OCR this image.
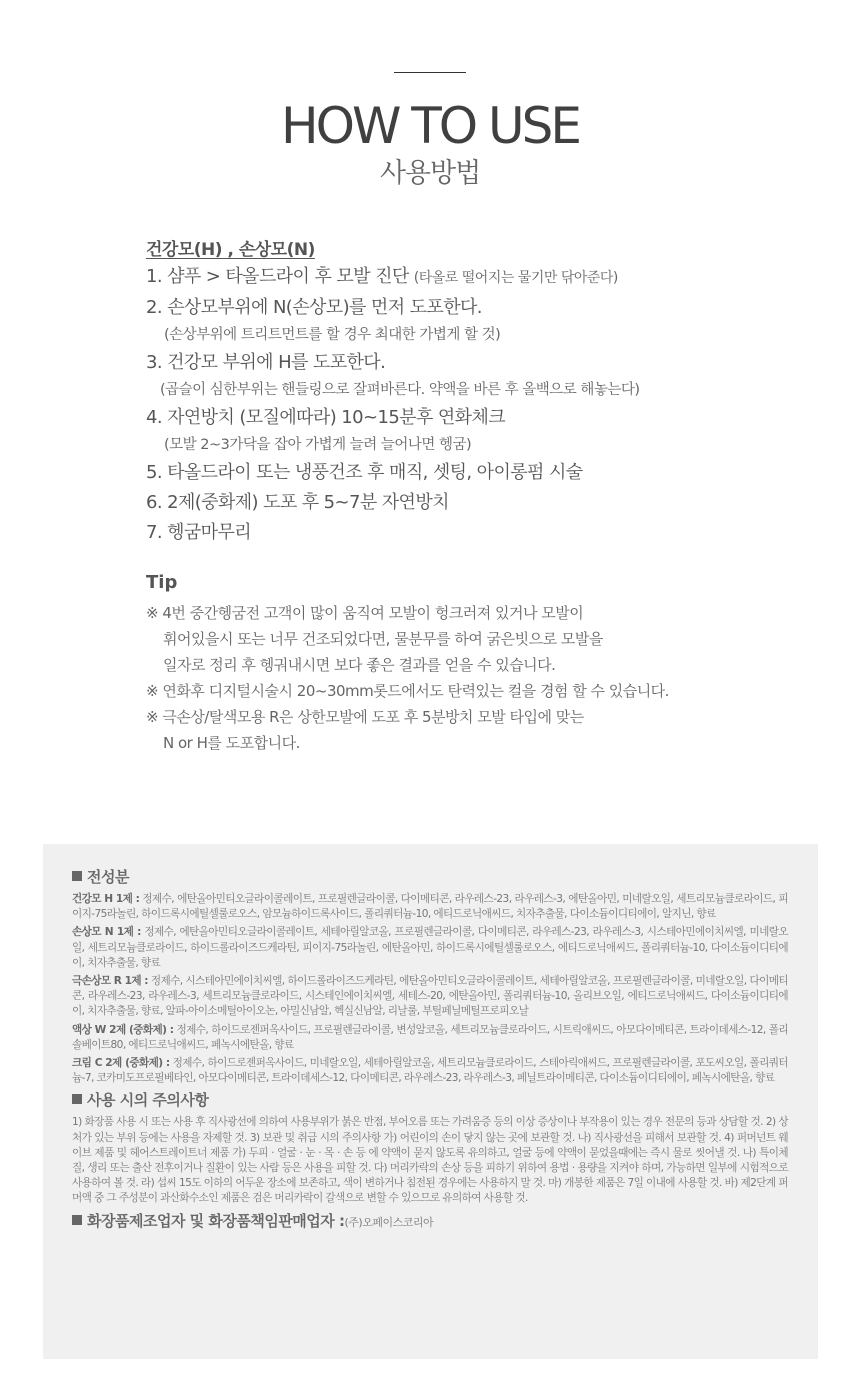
HOW TO USE
사용방법
건강모(H) , 손상모(N)
1. 샴푸 > 타올드라이 후 모발 진단 (타올로 떨어지는 물기만 닦아준다)
2. 손상모부위에 N(손상모)를 먼저 도포한다.
(손상부위에 트리트먼트를 할 경우 최대한 가볍게 할 것)
3. 건강모 부위에 H를 도포한다.
(곱슬이 심한부위는 핸들링으로 잘펴바른다. 약액을 바른 후 올백으로 해놓는다)
4. 자연방치 (모질에따라) 10~15분후 연화체크
(모발 2~3가닥을 잡아 가볍게 늘려 늘어나면 헹굼)
5. 타올드라이 또는 냉풍건조 후 매직, 셋팅, 아이롱펌 시술
6. 2제(중화제) 도포 후 5~7분 자연방치
7. 헹굼마무리
Tip
※ 4번 중간헹굼전 고객이 많이 움직여 모발이 헝크러져 있거나 모발이
휘어있을시 또는 너무 건조되었다면, 물분무를 하여 굵은빗으로 모발을
일자로 정리 후 헹궈내시면 보다 좋은 결과를 얻을 수 있습니다.
※ 연화후 디지털시술시 20~30mm롯드에서도 탄력있는 컬을 경험 할 수 있습니다.
※ 극손상/탈색모용 R은 상한모발에 도포 후 5분방치 모발 타입에 맞는
N or H를 도포합니다.
전성분
건강모 H 1제 : 정제수, 에탄올아민티오글라이콜레이트, 프로필렌글라이콜, 다이메티콘, 라우레스-23, 라우레스-3, 에탄올아민, 미네랄오일, 세트리모늄클로라이드, 피이지-75라놀린, 하이드록시에틸셀룰로오스, 암모늄하이드록사이드, 폴리쿼터늄-10, 에티드로닉애씨드, 치자추출물, 다이소듐이디티에이, 알지닌, 향료
손상모 N 1제 : 정제수, 에탄올아민티오글라이콜레이트, 세테아릴알코올, 프로필렌글라이콜, 다이메티콘, 라우레스-23, 라우레스-3, 시스테아민에이치씨엘, 미네랄오일, 세트리모늄클로라이드, 하이드롤라이즈드케라틴, 피이지-75라놀린, 에탄올아민, 하이드록시에틸셀룰로오스, 에티드로닉애씨드, 폴리쿼터늄-10, 다이소듐이디티에이, 치자추출물, 향료
극손상모 R 1제 : 정제수, 시스테아민에이치씨엘, 하이드롤라이즈드케라틴, 에탄올아민티오글라이콜레이트, 세테아릴알코올, 프로필렌글라이콜, 미네랄오일, 다이메티콘, 라우레스-23, 라우레스-3, 세트리모늄클로라이드, 시스테인에이치씨엘, 세테스-20, 에탄올아민, 폴리쿼터늄-10, 올리브오일, 에티드로닉애씨드, 다이소듐이디티에이, 치자추출물, 향료, 알파-아이소메틸아이오논, 아밀신남알, 헥실신남알, 리날룰, 부틸페닐메틸프로피오날
액상 W 2제 (중화제) : 정제수, 하이드로젠퍼옥사이드, 프로필렌글라이콜, 변성알코올, 세트리모늄클로라이드, 시트릭애씨드, 아모다이메티콘, 트라이데세스-12, 폴리솔베이트80, 에티드로닉애씨드, 페녹시에탄올, 향료
크림 C 2제 (중화제) : 정제수, 하이드로젠퍼옥사이드, 미네랄오일, 세테아릴알코올, 세트리모늄클로라이드, 스테아릭애씨드, 프로필렌글라이콜, 포도씨오일, 폴리쿼터늄-7, 코카미도프로필베타인, 아모다이메티콘, 트라이데세스-12, 다이메티콘, 라우레스-23, 라우레스-3, 페닐트라이메티콘, 다이소듐이디티에이, 페녹시에탄올, 향료
사용 시의 주의사항
1) 화장품 사용 시 또는 사용 후 직사광선에 의하여 사용부위가 붉은 반점, 부어오름 또는 가려움증 등의 이상 증상이나 부작용이 있는 경우 전문의 등과 상담할 것. 2) 상처가 있는 부위 등에는 사용을 자제할 것. 3) 보관 및 취급 시의 주의사항 가) 어린이의 손이 닿지 않는 곳에 보관할 것. 나) 직사광선을 피해서 보관할 것. 4) 퍼머넌트 웨이브 제품 및 헤어스트레이트너 제품 가) 두피 · 얼굴 · 눈 · 목 · 손 등 에 약액이 묻지 않도록 유의하고, 얼굴 등에 약액이 묻었을때에는 즉시 물로 씻어낼 것. 나) 특이체질, 생리 또는 출산 전후이거나 질환이 있는 사람 등은 사용을 피할 것. 다) 머리카락의 손상 등을 피하기 위하여 용법 · 용량을 지켜야 하며, 가능하면 일부에 시험적으로 사용하여 볼 것. 라) 섭씨 15도 이하의 어두운 장소에 보존하고, 색이 변하거나 침전된 경우에는 사용하지 말 것. 마) 개봉한 제품은 7일 이내에 사용할 것. 바) 제2단계 퍼머액 중 그 주성분이 과산화수소인 제품은 검은 머리카락이 갈색으로 변할 수 있으므로 유의하여 사용할 것.
화장품제조업자 및 화장품책임판매업자 :(주)오페이스코리아
